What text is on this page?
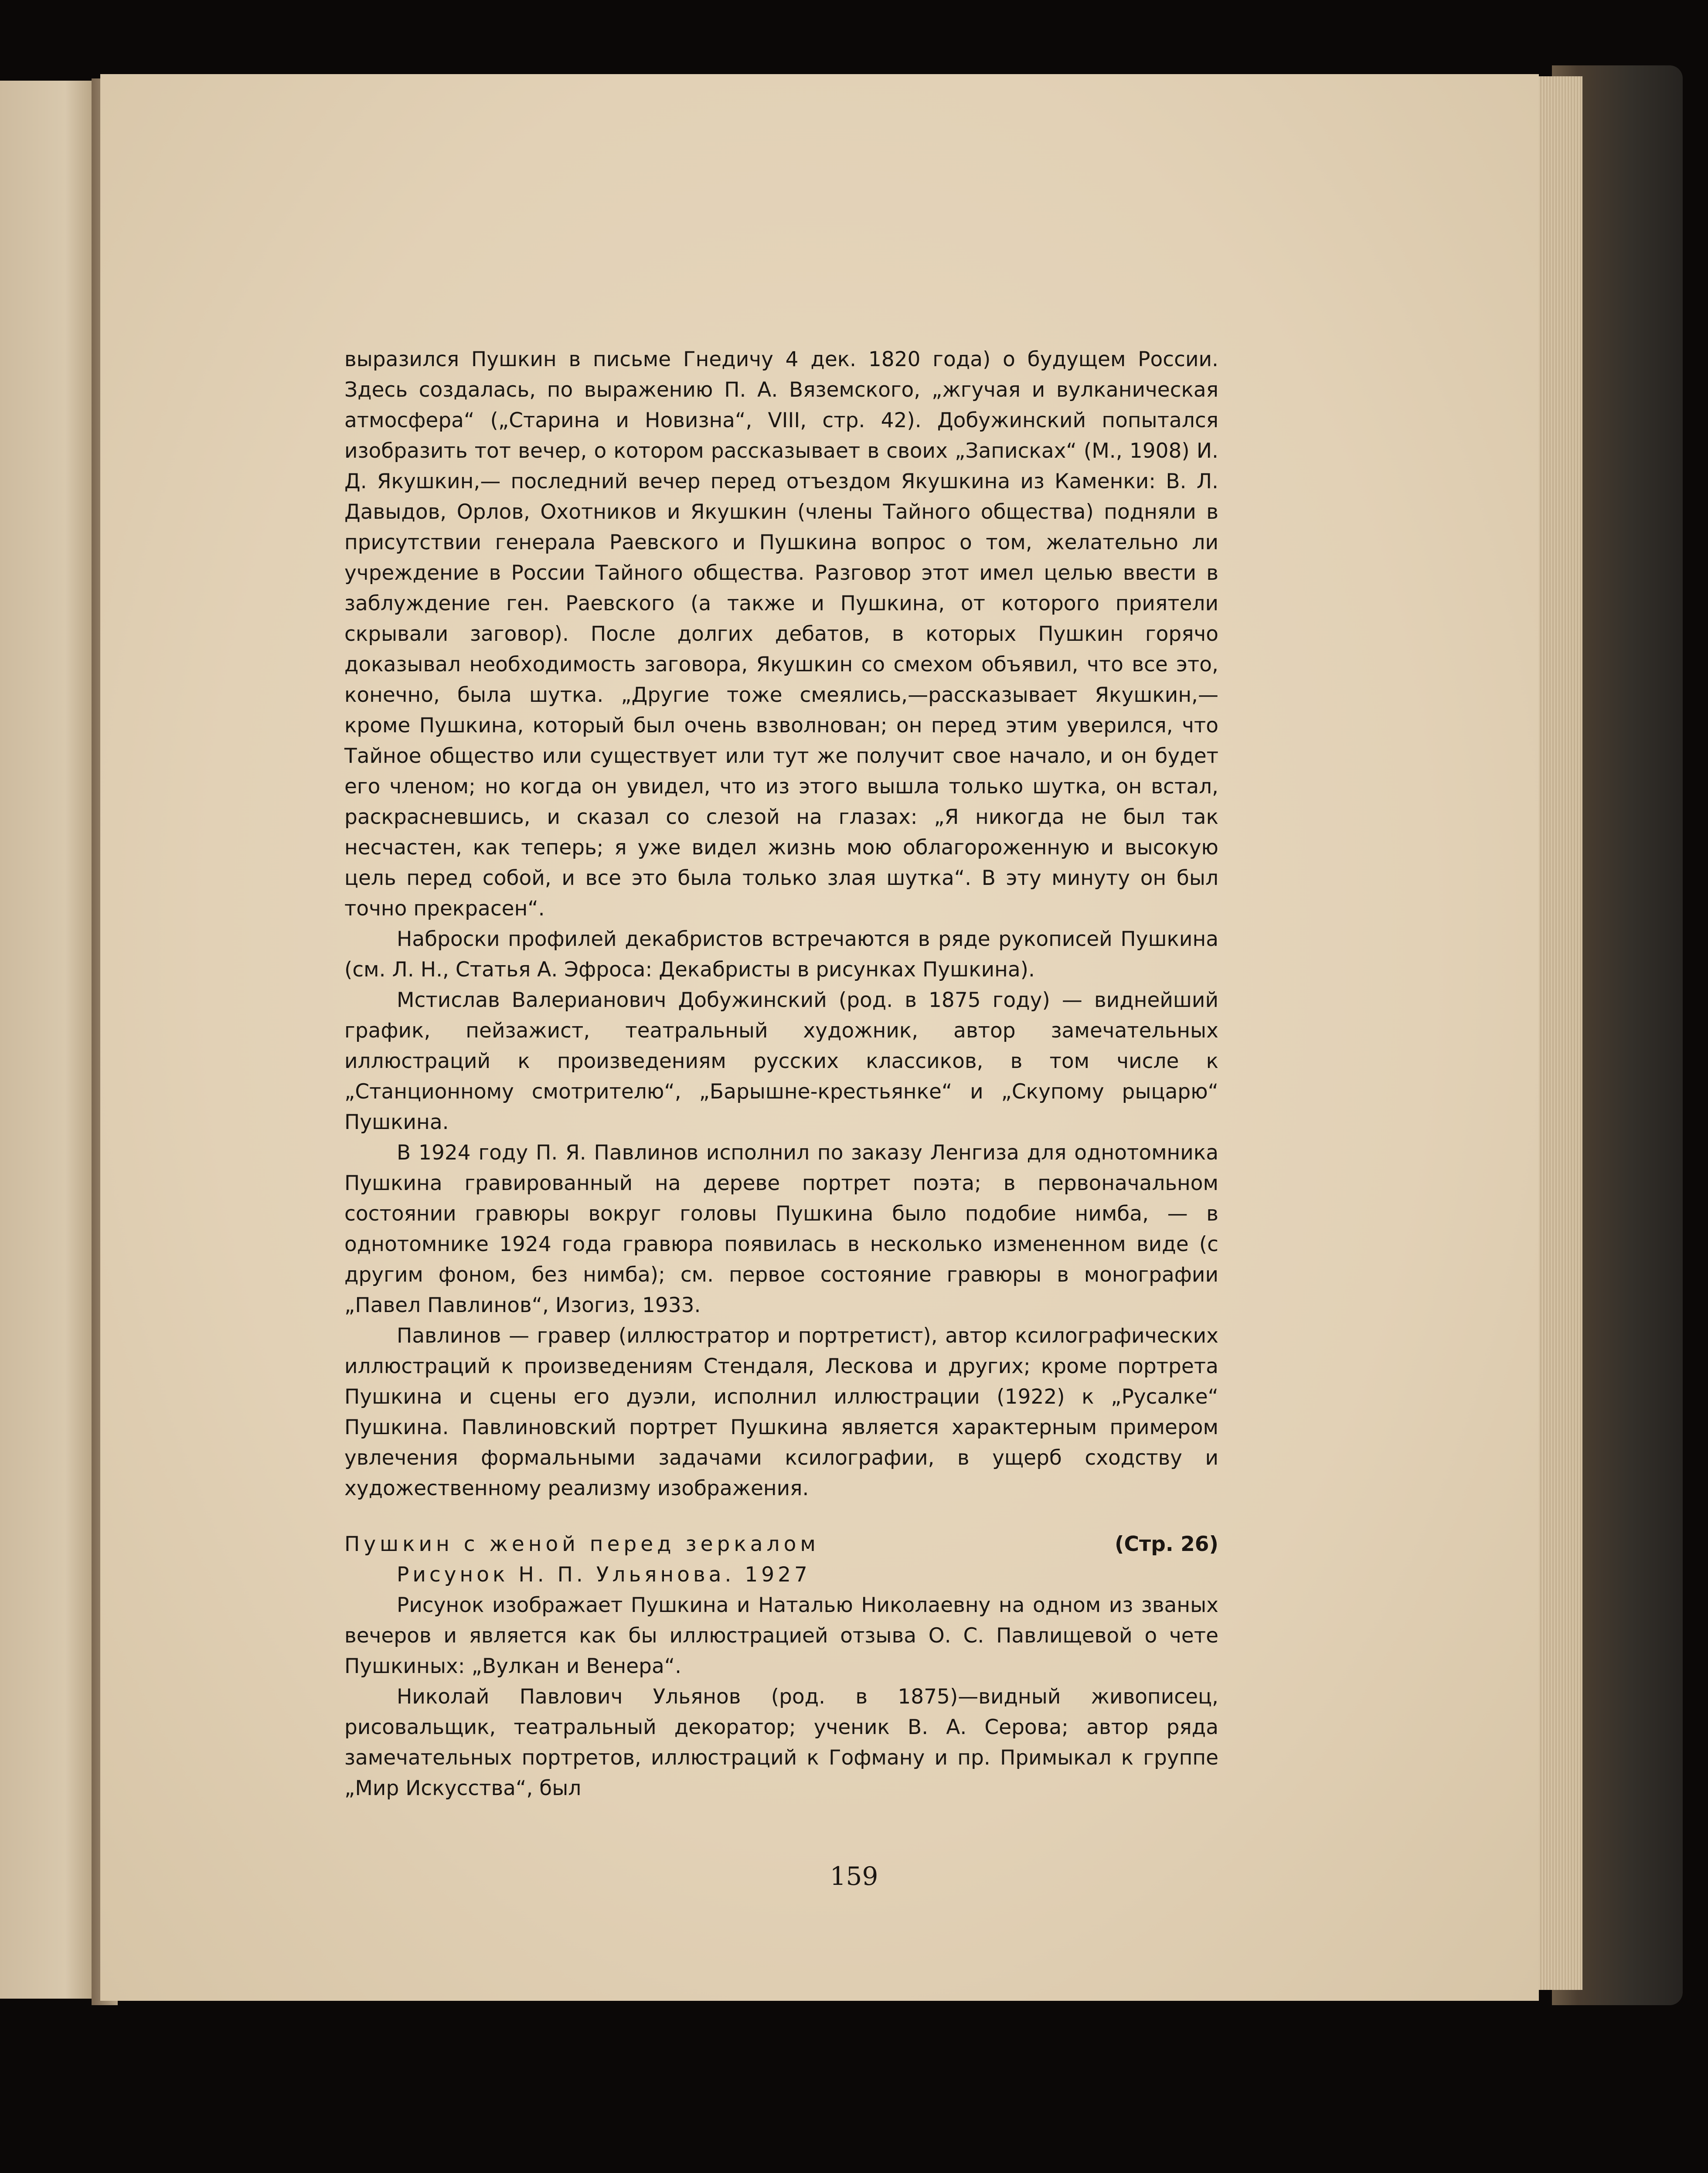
выразился Пушкин в письме Гнедичу 4 дек. 1820 года) о будущем России. Здесь создалась, по выражению П. А. Вяземского, „жгучая и вулканическая атмосфера“ („Старина и Новизна“, VIII, стр. 42). Добужинский попытался изобразить тот вечер, о котором рассказывает в своих „Записках“ (М., 1908) И. Д. Якушкин,— последний вечер перед отъездом Якушкина из Каменки: В. Л. Давыдов, Орлов, Охотников и Якушкин (члены Тайного общества) подняли в присутствии генерала Раевского и Пушкина вопрос о том, желательно ли учреждение в России Тайного общества. Разговор этот имел целью ввести в заблуждение ген. Раевского (а также и Пушкина, от которого приятели скрывали заговор). После долгих дебатов, в которых Пушкин горячо доказывал необходимость заговора, Якушкин со смехом объявил, что все это, конечно, была шутка. „Другие тоже смеялись,—рассказывает Якушкин,—кроме Пушкина, который был очень взволнован; он перед этим уверился, что Тайное общество или существует или тут же получит свое начало, и он будет его членом; но когда он увидел, что из этого вышла только шутка, он встал, раскрасневшись, и сказал со слезой на глазах: „Я никогда не был так несчастен, как теперь; я уже видел жизнь мою облагороженную и высокую цель перед собой, и все это была только злая шутка“. В эту минуту он был точно прекрасен“.

Наброски профилей декабристов встречаются в ряде рукописей Пушкина (см. Л. Н., Статья А. Эфроса: Декабристы в рисунках Пушкина).

Мстислав Валерианович Добужинский (род. в 1875 году) — виднейший график, пейзажист, театральный художник, автор замечательных иллюстраций к произведениям русских классиков, в том числе к „Станционному смотрителю“, „Барышне-крестьянке“ и „Скупому рыцарю“ Пушкина.

В 1924 году П. Я. Павлинов исполнил по заказу Ленгиза для однотомника Пушкина гравированный на дереве портрет поэта; в первоначальном состоянии гравюры вокруг головы Пушкина было подобие нимба, — в однотомнике 1924 года гравюра появилась в несколько измененном виде (с другим фоном, без нимба); см. первое состояние гравюры в монографии „Павел Павлинов“, Изогиз, 1933.

Павлинов — гравер (иллюстратор и портретист), автор ксилографических иллюстраций к произведениям Стендаля, Лескова и других; кроме портрета Пушкина и сцены его дуэли, исполнил иллюстрации (1922) к „Русалке“ Пушкина. Павлиновский портрет Пушкина является характерным примером увлечения формальными задачами ксилографии, в ущерб сходству и художественному реализму изображения.

Пушкин с женой перед зеркалом	(Стр. 26)

Рисунок Н. П. Ульянова. 1927

Рисунок изображает Пушкина и Наталью Николаевну на одном из званых вечеров и является как бы иллюстрацией отзыва О. С. Павлищевой о чете Пушкиных: „Вулкан и Венера“.

Николай Павлович Ульянов (род. в 1875)—видный живописец, рисовальщик, театральный декоратор; ученик В. А. Серова; автор ряда замечательных портретов, иллюстраций к Гофману и пр. Примыкал к группе „Мир Искусства“, был

159
